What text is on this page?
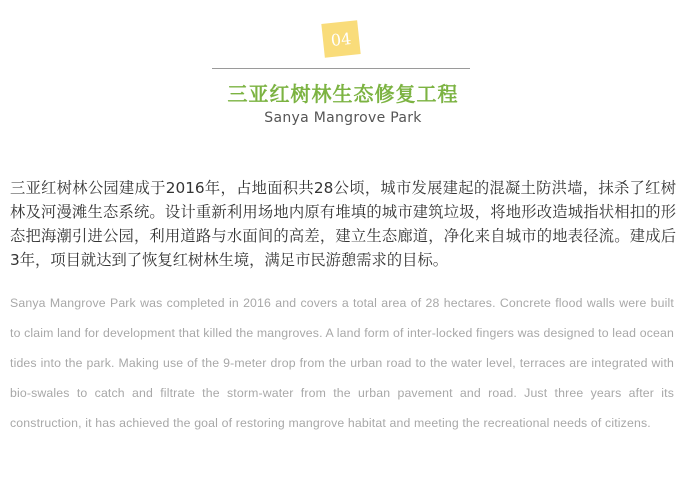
04
三亚红树林生态修复工程
Sanya Mangrove Park

三亚红树林公园建成于2016年，占地面积共28公顷，城市发展建起的混凝土防洪墙，抹杀了红树林及河漫滩生态系统。设计重新利用场地内原有堆填的城市建筑垃圾，将地形改造城指状相扣的形态把海潮引进公园，利用道路与水面间的高差，建立生态廊道，净化来自城市的地表径流。建成后3年，项目就达到了恢复红树林生境，满足市民游憩需求的目标。

Sanya Mangrove Park was completed in 2016 and covers a total area of 28 hectares. Concrete flood walls were built to claim land for development that killed the mangroves. A land form of inter-locked fingers was designed to lead ocean tides into the park. Making use of the 9-meter drop from the urban road to the water level, terraces are integrated with bio-swales to catch and filtrate the storm-water from the urban pavement and road. Just three years after its construction, it has achieved the goal of restoring mangrove habitat and meeting the recreational needs of citizens.
